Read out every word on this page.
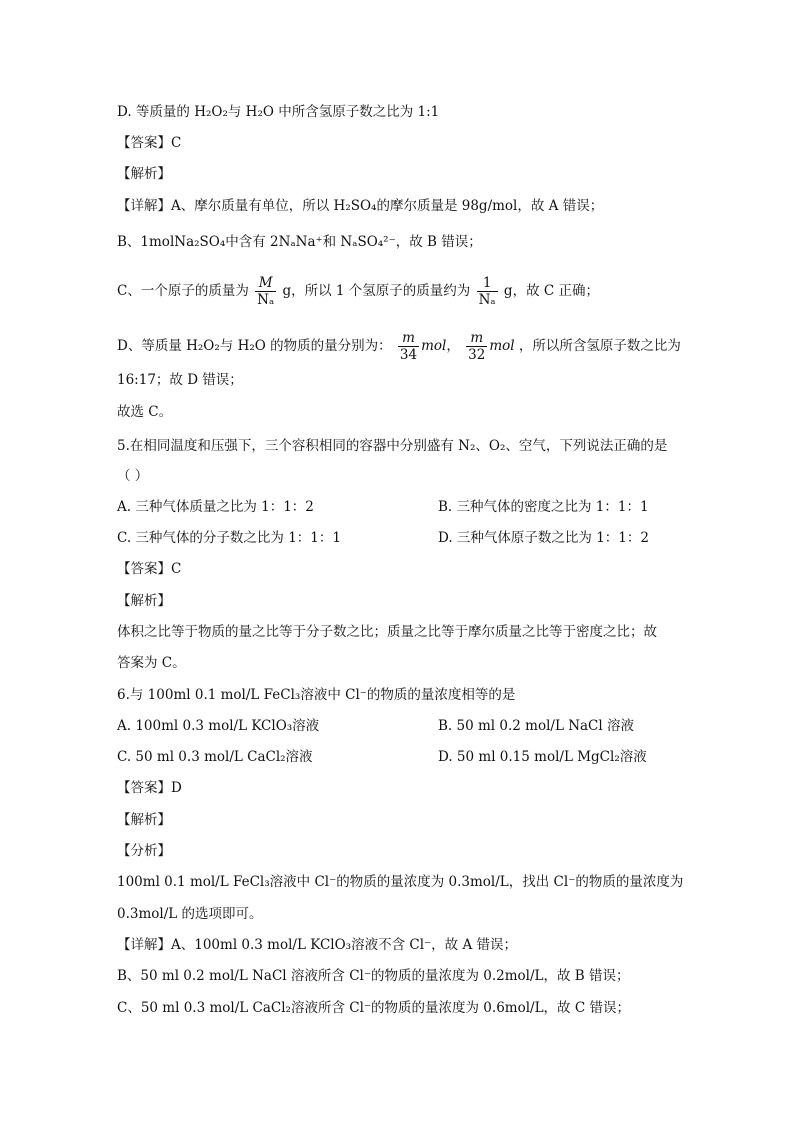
D. 等质量的 H₂O₂与 H₂O 中所含氢原子数之比为 1:1
【答案】C
【解析】
【详解】A、摩尔质量有单位，所以 H₂SO₄的摩尔质量是 98g/mol，故 A 错误；
B、1molNa₂SO₄中含有 2NₐNa⁺和 NₐSO₄²⁻，故 B 错误；
C、一个原子的质量为 $\frac{M}{\text{Nₐ}}$ g，所以 1 个氢原子的质量约为 $\frac{1}{\text{Nₐ}}$ g，故 C 正确；
D、等质量 H₂O₂与 H₂O 的物质的量分别为： $\frac{m}{34}$ mol， $\frac{m}{32}$ mol ，所以所含氢原子数之比为
16:17；故 D 错误；
故选 C。
5.在相同温度和压强下，三个容积相同的容器中分别盛有 N₂、O₂、空气，下列说法正确的是
（ ）
A. 三种气体质量之比为 1：1：2	B. 三种气体的密度之比为 1：1：1
C. 三种气体的分子数之比为 1：1：1	D. 三种气体原子数之比为 1：1：2
【答案】C
【解析】
体积之比等于物质的量之比等于分子数之比；质量之比等于摩尔质量之比等于密度之比；故
答案为 C。
6.与 100ml 0.1 mol/L FeCl₃溶液中 Cl⁻的物质的量浓度相等的是
A. 100ml 0.3 mol/L KClO₃溶液	B. 50 ml 0.2 mol/L NaCl 溶液
C. 50 ml 0.3 mol/L CaCl₂溶液	D. 50 ml 0.15 mol/L MgCl₂溶液
【答案】D
【解析】
【分析】
100ml 0.1 mol/L FeCl₃溶液中 Cl⁻的物质的量浓度为 0.3mol/L，找出 Cl⁻的物质的量浓度为
0.3mol/L 的选项即可。
【详解】A、100ml 0.3 mol/L KClO₃溶液不含 Cl⁻，故 A 错误；
B、50 ml 0.2 mol/L NaCl 溶液所含 Cl⁻的物质的量浓度为 0.2mol/L，故 B 错误；
C、50 ml 0.3 mol/L CaCl₂溶液所含 Cl⁻的物质的量浓度为 0.6mol/L，故 C 错误；
